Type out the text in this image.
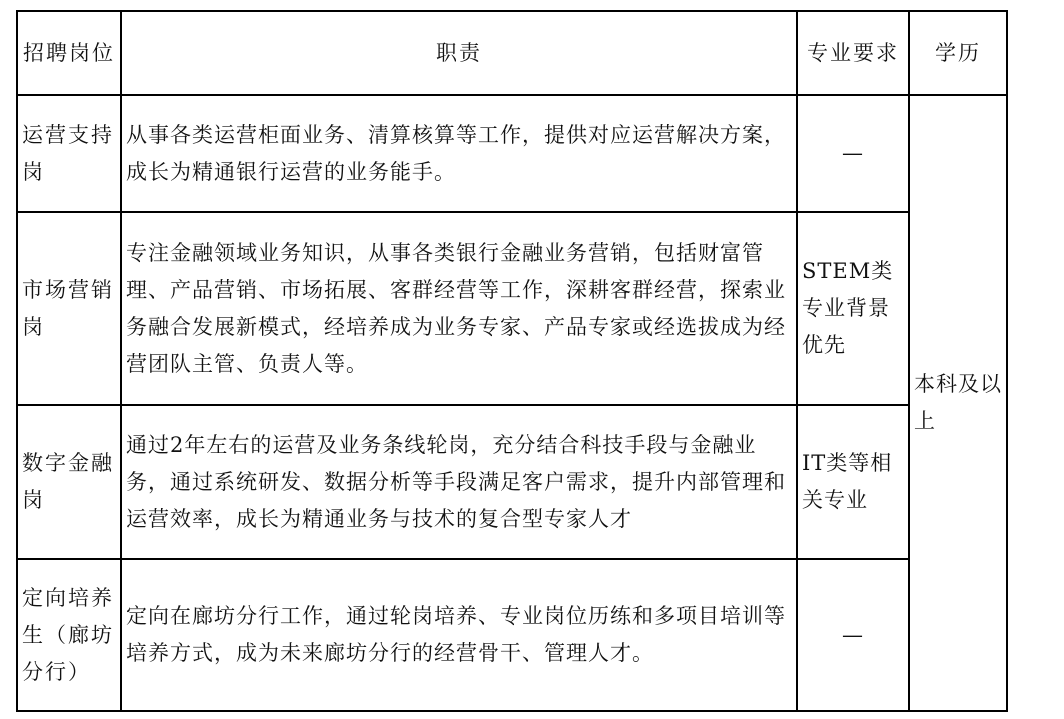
招聘岗位	职责	专业要求	学历
运营支持岗	从事各类运营柜面业务、清算核算等工作，提供对应运营解决方案，成长为精通银行运营的业务能手。	—	本科及以上
市场营销岗	专注金融领域业务知识，从事各类银行金融业务营销，包括财富管理、产品营销、市场拓展、客群经营等工作，深耕客群经营，探索业务融合发展新模式，经培养成为业务专家、产品专家或经选拔成为经营团队主管、负责人等。	STEM类专业背景优先	
数字金融岗	通过2年左右的运营及业务条线轮岗，充分结合科技手段与金融业务，通过系统研发、数据分析等手段满足客户需求，提升内部管理和运营效率，成长为精通业务与技术的复合型专家人才	IT类等相关专业	
定向培养生（廊坊分行）	定向在廊坊分行工作，通过轮岗培养、专业岗位历练和多项目培训等培养方式，成为未来廊坊分行的经营骨干、管理人才。	—	
